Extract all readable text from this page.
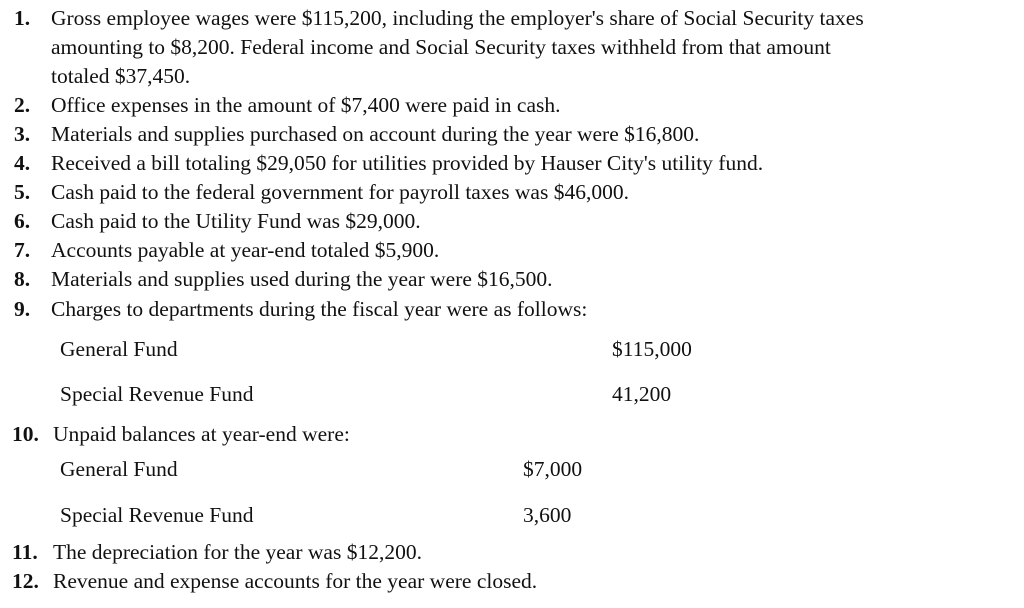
1. Gross employee wages were $115,200, including the employer's share of Social Security taxes
amounting to $8,200. Federal income and Social Security taxes withheld from that amount
totaled $37,450.
2. Office expenses in the amount of $7,400 were paid in cash.
3. Materials and supplies purchased on account during the year were $16,800.
4. Received a bill totaling $29,050 for utilities provided by Hauser City's utility fund.
5. Cash paid to the federal government for payroll taxes was $46,000.
6. Cash paid to the Utility Fund was $29,000.
7. Accounts payable at year-end totaled $5,900.
8. Materials and supplies used during the year were $16,500.
9. Charges to departments during the fiscal year were as follows:
General Fund	$115,000
Special Revenue Fund	41,200
10. Unpaid balances at year-end were:
General Fund	$7,000
Special Revenue Fund	3,600
11. The depreciation for the year was $12,200.
12. Revenue and expense accounts for the year were closed.
